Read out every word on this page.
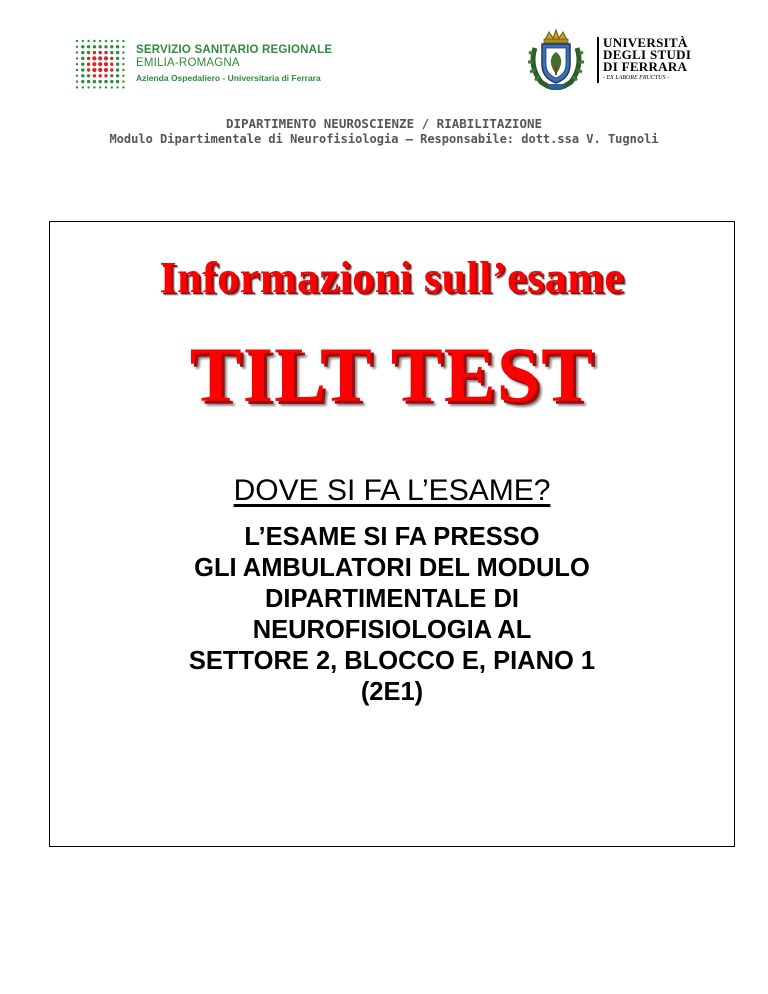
SERVIZIO SANITARIO REGIONALE
EMILIA-ROMAGNA
Azienda Ospedaliero - Universitaria di Ferrara
UNIVERSITÀ
DEGLI STUDI
DI FERRARA
- EX LABORE FRUCTUS -
DIPARTIMENTO NEUROSCIENZE / RIABILITAZIONE
Modulo Dipartimentale di Neurofisiologia – Responsabile: dott.ssa V. Tugnoli
Informazioni sull’esame
TILT TEST
DOVE SI FA L’ESAME?
L’ESAME SI FA PRESSO
GLI AMBULATORI DEL MODULO
DIPARTIMENTALE DI
NEUROFISIOLOGIA AL
SETTORE 2, BLOCCO E, PIANO 1
(2E1)
